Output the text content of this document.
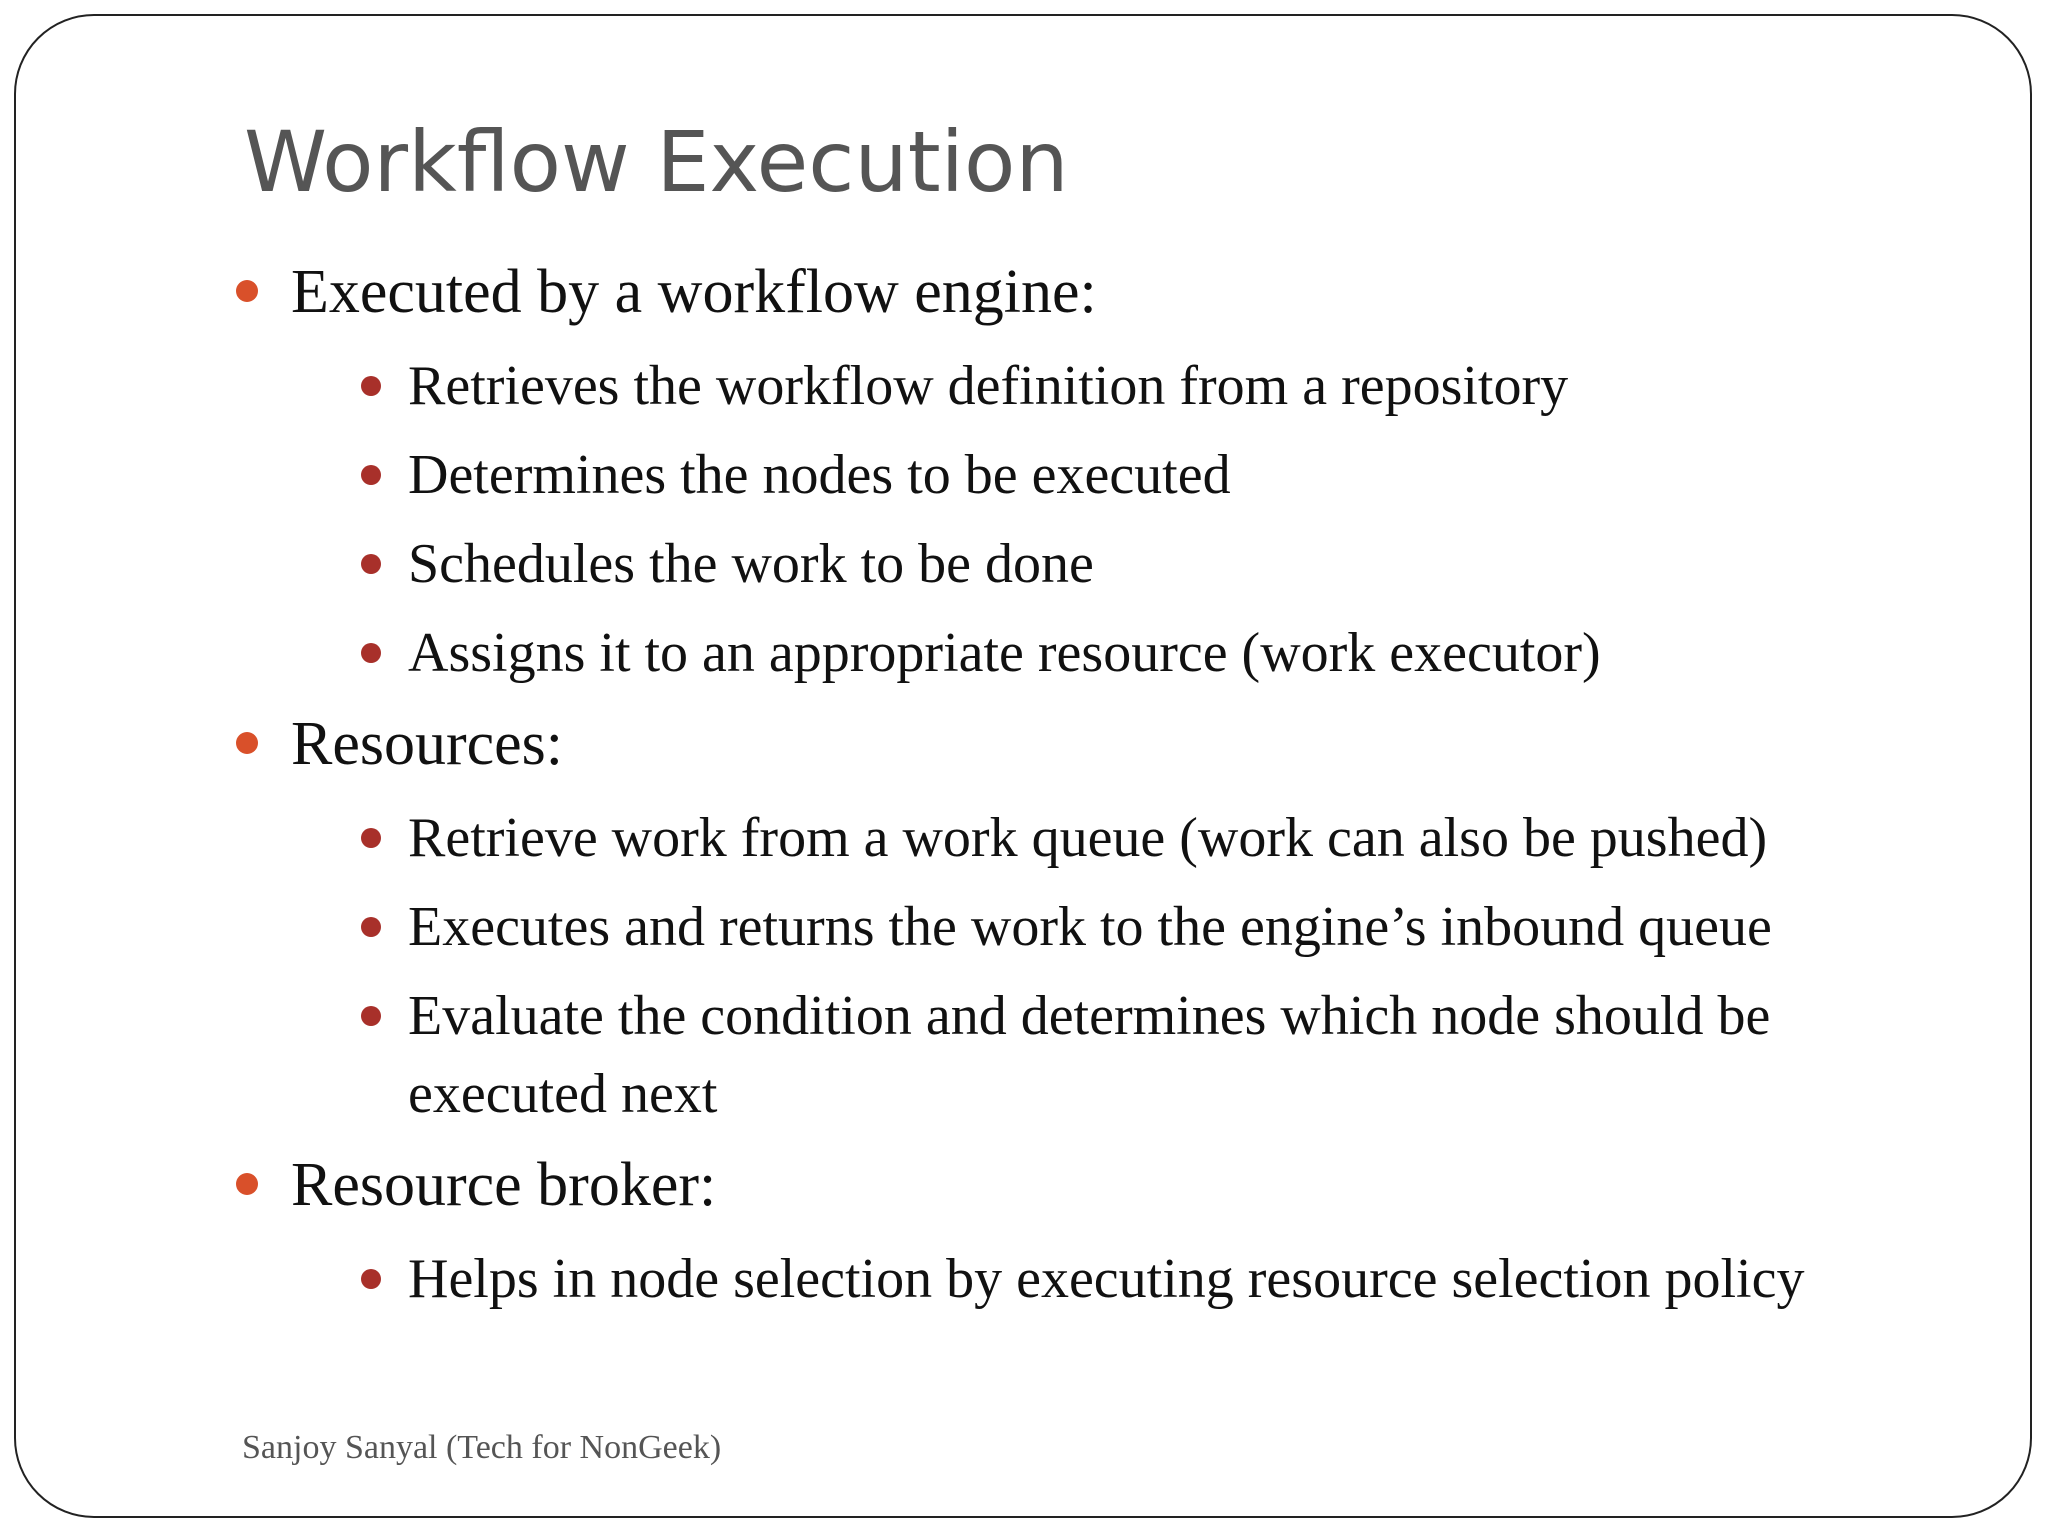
Workflow Execution
Executed by a workflow engine:
Retrieves the workflow definition from a repository
Determines the nodes to be executed
Schedules the work to be done
Assigns it to an appropriate resource (work executor)
Resources:
Retrieve work from a work queue (work can also be pushed)
Executes and returns the work to the engine’s inbound queue
Evaluate the condition and determines which node should be executed next
Resource broker:
Helps in node selection by executing resource selection policy
Sanjoy Sanyal (Tech for NonGeek)
